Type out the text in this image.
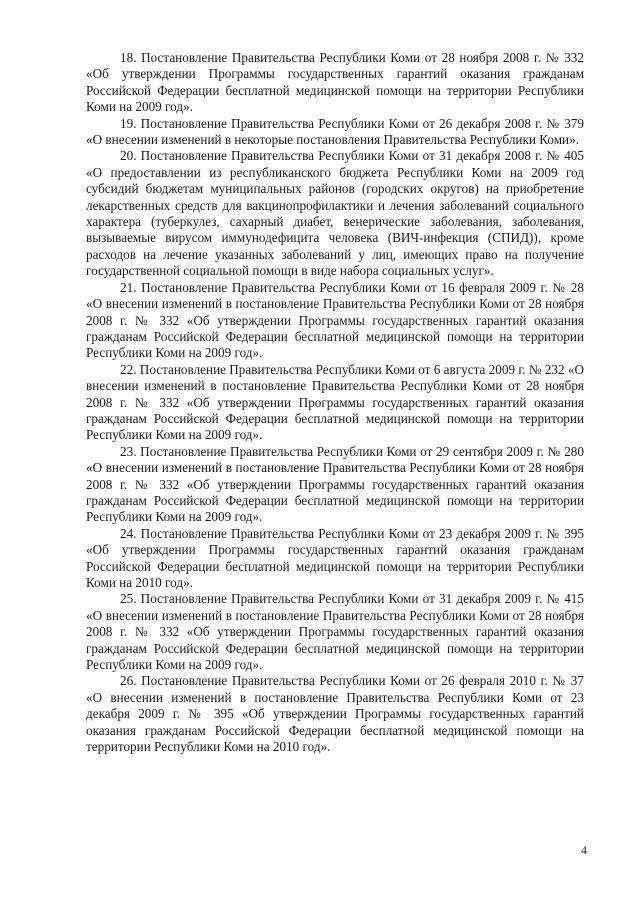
18. Постановление Правительства Республики Коми от 28 ноября 2008 г. № 332 «Об утверждении Программы государственных гарантий оказания гражданам Российской Федерации бесплатной медицинской помощи на территории Республики Коми на 2009 год».

19. Постановление Правительства Республики Коми от 26 декабря 2008 г. № 379 «О внесении изменений в некоторые постановления Правительства Республики Коми».

20. Постановление Правительства Республики Коми от 31 декабря 2008 г. № 405 «О предоставлении из республиканского бюджета Республики Коми на 2009 год субсидий бюджетам муниципальных районов (городских округов) на приобретение лекарственных средств для вакцинопрофилактики и лечения заболеваний социального характера (туберкулез, сахарный диабет, венерические заболевания, заболевания, вызываемые вирусом иммунодефицита человека (ВИЧ-инфекция (СПИД)), кроме расходов на лечение указанных заболеваний у лиц, имеющих право на получение государственной социальной помощи в виде набора социальных услуг».

21. Постановление Правительства Республики Коми от 16 февраля 2009 г. № 28 «О внесении изменений в постановление Правительства Республики Коми от 28 ноября 2008 г. № 332 «Об утверждении Программы государственных гарантий оказания гражданам Российской Федерации бесплатной медицинской помощи на территории Республики Коми на 2009 год».

22. Постановление Правительства Республики Коми от 6 августа 2009 г. № 232 «О внесении изменений в постановление Правительства Республики Коми от 28 ноября 2008 г. № 332 «Об утверждении Программы государственных гарантий оказания гражданам Российской Федерации бесплатной медицинской помощи на территории Республики Коми на 2009 год».

23. Постановление Правительства Республики Коми от 29 сентября 2009 г. № 280 «О внесении изменений в постановление Правительства Республики Коми от 28 ноября 2008 г. № 332 «Об утверждении Программы государственных гарантий оказания гражданам Российской Федерации бесплатной медицинской помощи на территории Республики Коми на 2009 год».

24. Постановление Правительства Республики Коми от 23 декабря 2009 г. № 395 «Об утверждении Программы государственных гарантий оказания гражданам Российской Федерации бесплатной медицинской помощи на территории Республики Коми на 2010 год».

25. Постановление Правительства Республики Коми от 31 декабря 2009 г. № 415 «О внесении изменений в постановление Правительства Республики Коми от 28 ноября 2008 г. № 332 «Об утверждении Программы государственных гарантий оказания гражданам Российской Федерации бесплатной медицинской помощи на территории Республики Коми на 2009 год».

26. Постановление Правительства Республики Коми от 26 февраля 2010 г. № 37 «О внесении изменений в постановление Правительства Республики Коми от 23 декабря 2009 г. № 395 «Об утверждении Программы государственных гарантий оказания гражданам Российской Федерации бесплатной медицинской помощи на территории Республики Коми на 2010 год».

4
